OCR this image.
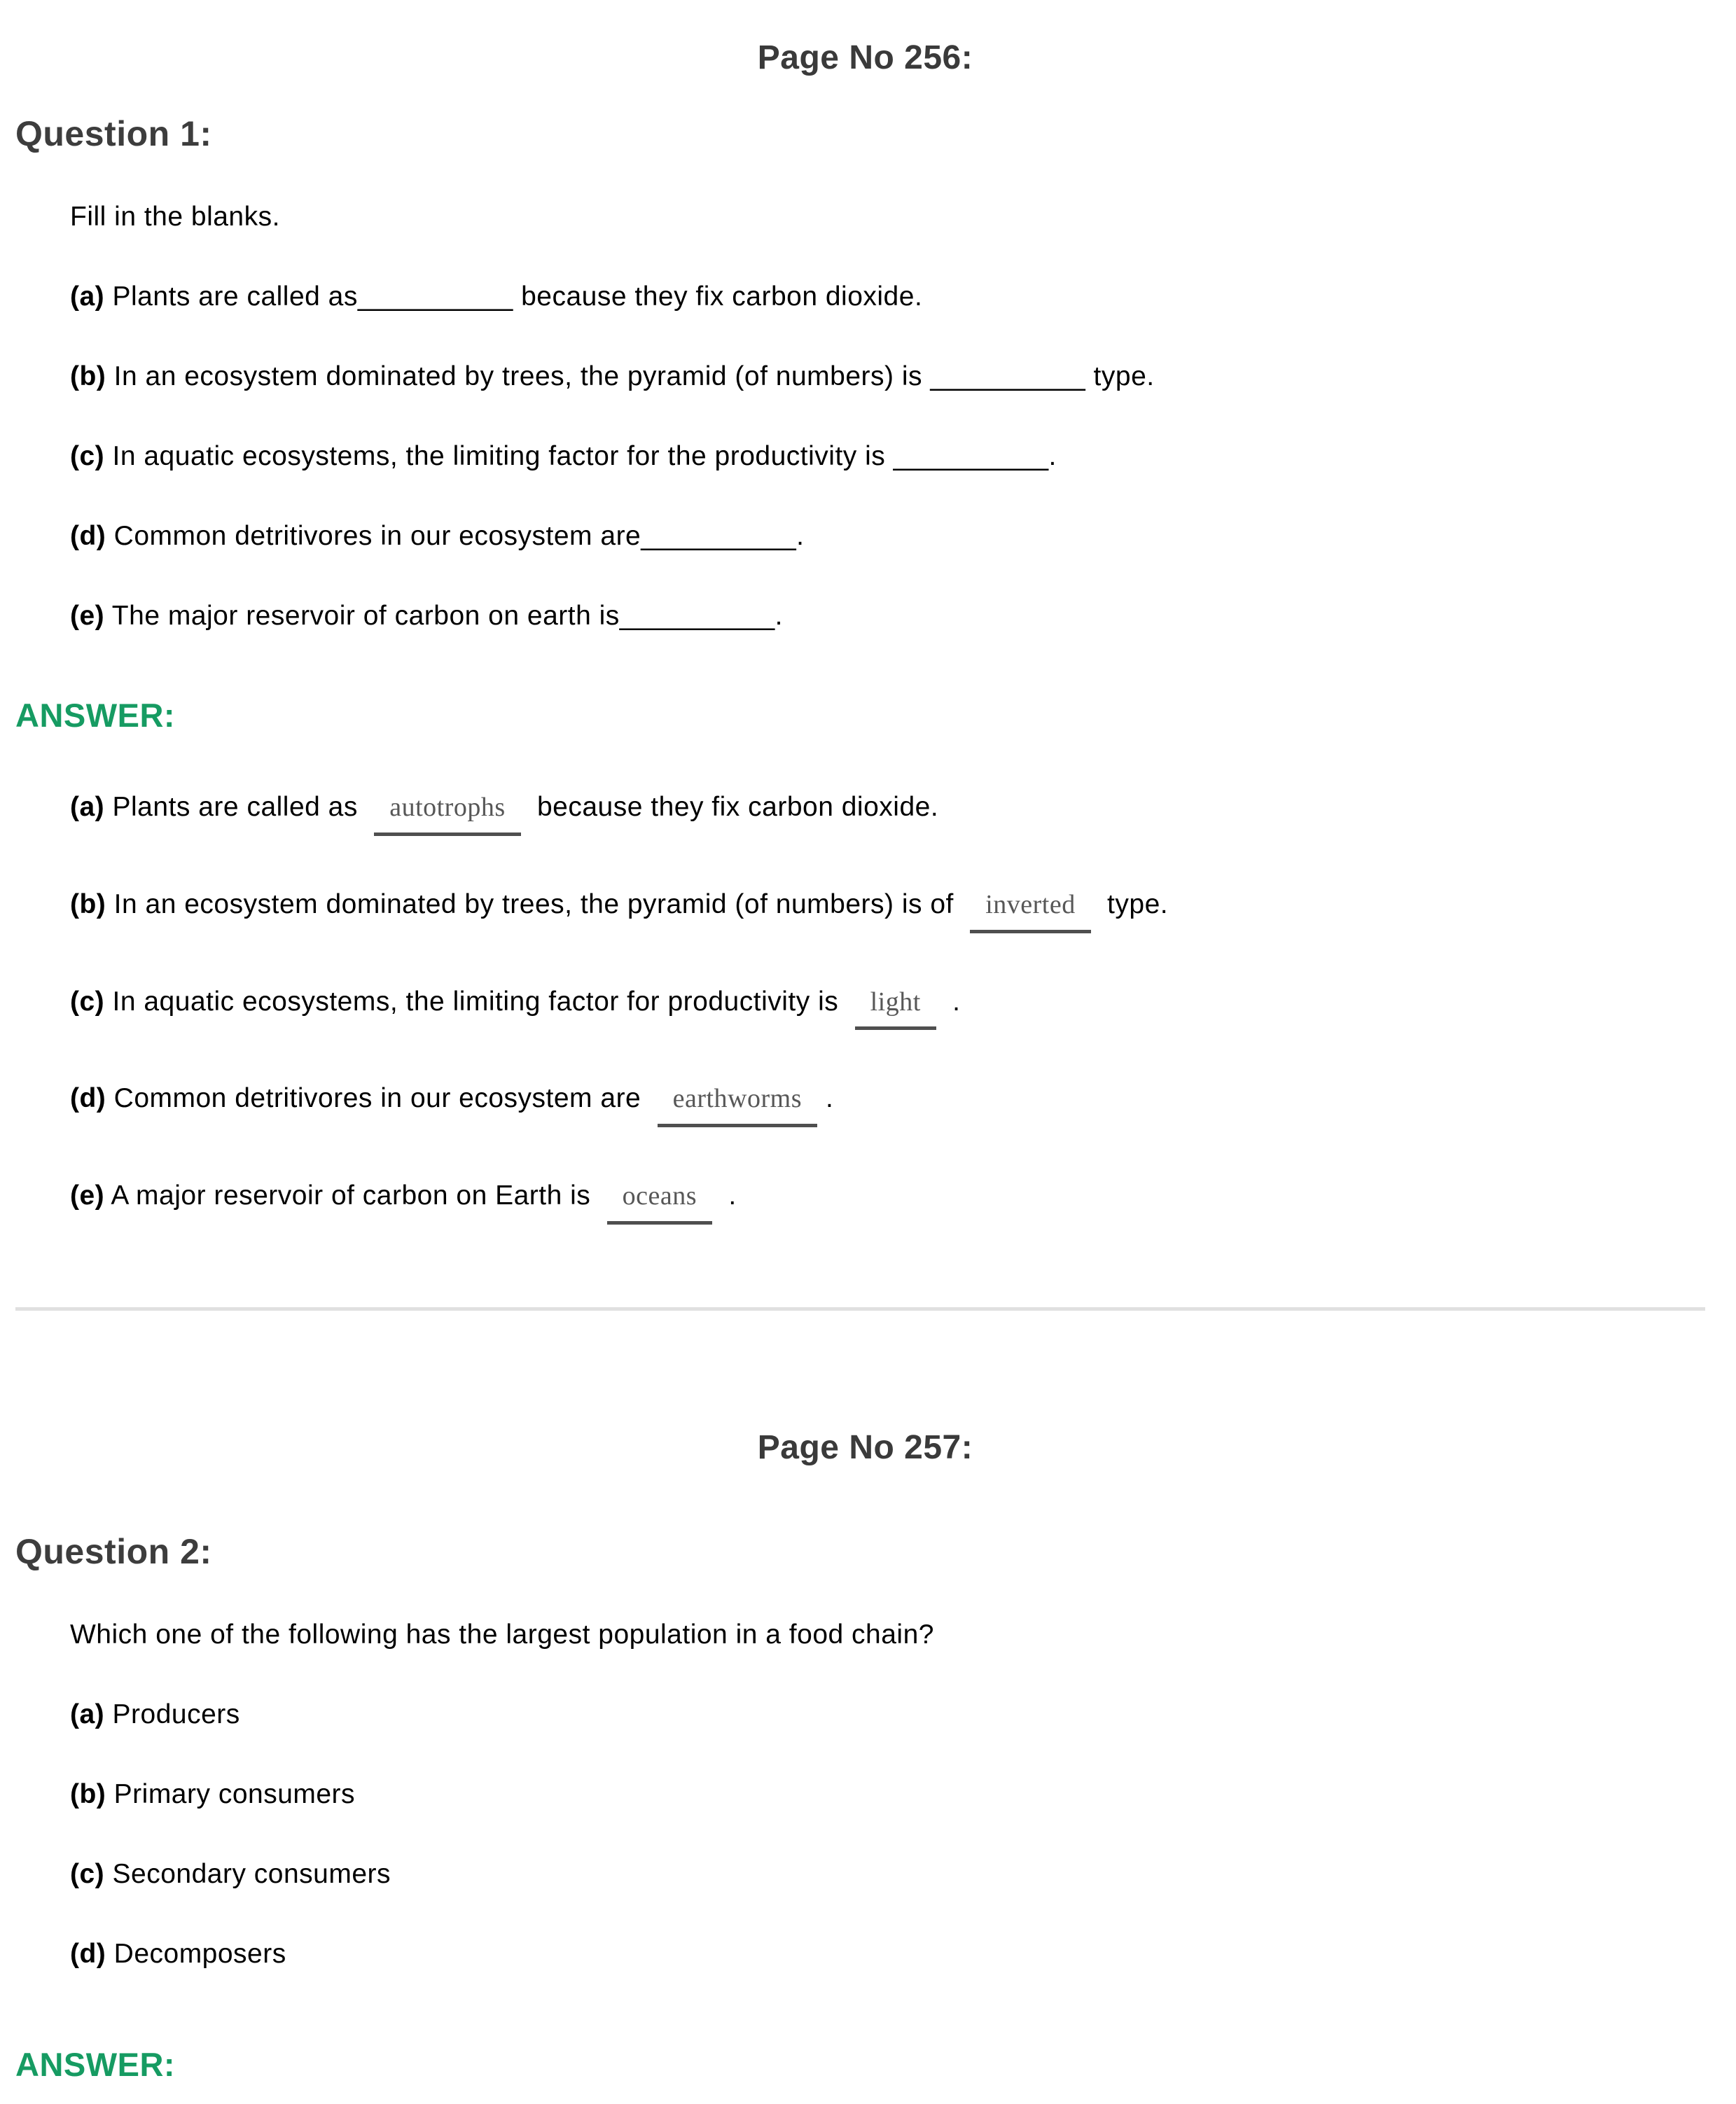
Page No 256:
Question 1:

Fill in the blanks.

(a) Plants are called as__________ because they fix carbon dioxide.

(b) In an ecosystem dominated by trees, the pyramid (of numbers) is __________ type.

(c) In aquatic ecosystems, the limiting factor for the productivity is __________.

(d) Common detritivores in our ecosystem are__________.

(e) The major reservoir of carbon on earth is__________.

ANSWER:

(a) Plants are called as autotrophs because they fix carbon dioxide.

(b) In an ecosystem dominated by trees, the pyramid (of numbers) is of inverted type.

(c) In aquatic ecosystems, the limiting factor for productivity is light .

(d) Common detritivores in our ecosystem are earthworms .

(e) A major reservoir of carbon on Earth is oceans .

Page No 257:
Question 2:

Which one of the following has the largest population in a food chain?

(a) Producers

(b) Primary consumers

(c) Secondary consumers

(d) Decomposers

ANSWER:
